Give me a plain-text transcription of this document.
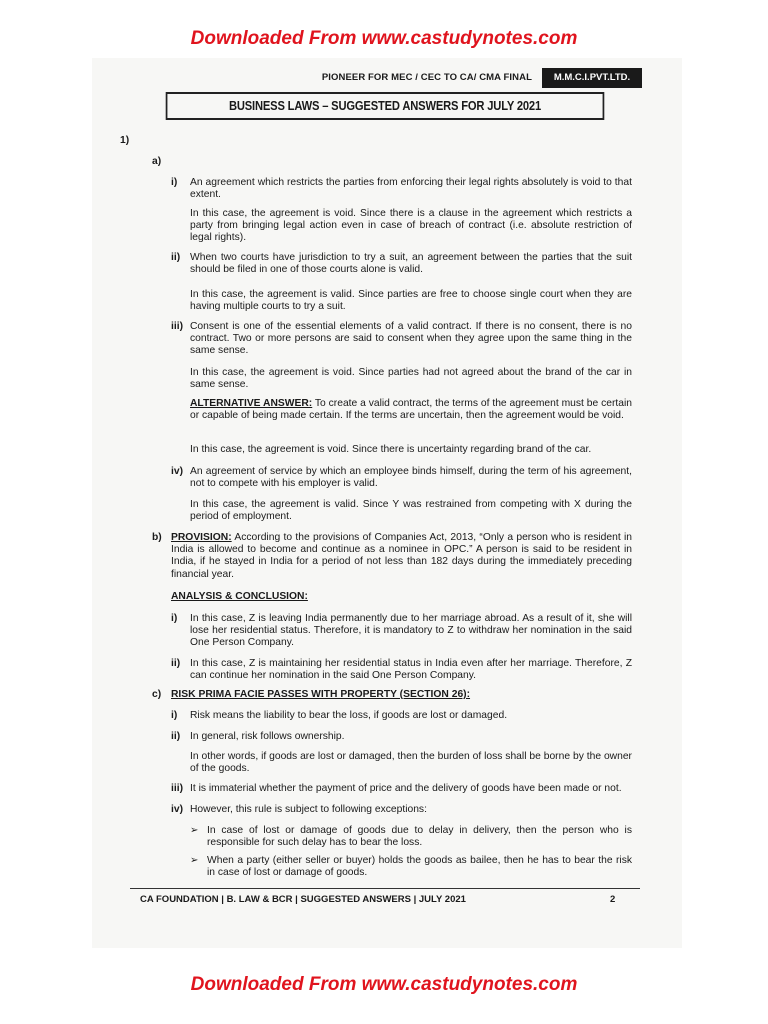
Downloaded From www.castudynotes.com
PIONEER FOR MEC / CEC TO CA/ CMA FINAL	M.M.C.I.PVT.LTD.
BUSINESS LAWS – SUGGESTED ANSWERS FOR JULY 2021
1)
a)
i) An agreement which restricts the parties from enforcing their legal rights absolutely is void to that extent.
In this case, the agreement is void. Since there is a clause in the agreement which restricts a party from bringing legal action even in case of breach of contract (i.e. absolute restriction of legal rights).
ii) When two courts have jurisdiction to try a suit, an agreement between the parties that the suit should be filed in one of those courts alone is valid.
In this case, the agreement is valid. Since parties are free to choose single court when they are having multiple courts to try a suit.
iii) Consent is one of the essential elements of a valid contract. If there is no consent, there is no contract. Two or more persons are said to consent when they agree upon the same thing in the same sense.
In this case, the agreement is void. Since parties had not agreed about the brand of the car in same sense.
ALTERNATIVE ANSWER: To create a valid contract, the terms of the agreement must be certain or capable of being made certain. If the terms are uncertain, then the agreement would be void.
In this case, the agreement is void. Since there is uncertainty regarding brand of the car.
iv) An agreement of service by which an employee binds himself, during the term of his agreement, not to compete with his employer is valid.
In this case, the agreement is valid. Since Y was restrained from competing with X during the period of employment.
b) PROVISION: According to the provisions of Companies Act, 2013, “Only a person who is resident in India is allowed to become and continue as a nominee in OPC.” A person is said to be resident in India, if he stayed in India for a period of not less than 182 days during the immediately preceding financial year.
ANALYSIS & CONCLUSION:
i) In this case, Z is leaving India permanently due to her marriage abroad. As a result of it, she will lose her residential status. Therefore, it is mandatory to Z to withdraw her nomination in the said One Person Company.
ii) In this case, Z is maintaining her residential status in India even after her marriage. Therefore, Z can continue her nomination in the said One Person Company.
c) RISK PRIMA FACIE PASSES WITH PROPERTY (SECTION 26):
i) Risk means the liability to bear the loss, if goods are lost or damaged.
ii) In general, risk follows ownership.
In other words, if goods are lost or damaged, then the burden of loss shall be borne by the owner of the goods.
iii) It is immaterial whether the payment of price and the delivery of goods have been made or not.
iv) However, this rule is subject to following exceptions:
➢ In case of lost or damage of goods due to delay in delivery, then the person who is responsible for such delay has to bear the loss.
➢ When a party (either seller or buyer) holds the goods as bailee, then he has to bear the risk in case of lost or damage of goods.
CA FOUNDATION | B. LAW & BCR | SUGGESTED ANSWERS | JULY 2021	2
Downloaded From www.castudynotes.com
